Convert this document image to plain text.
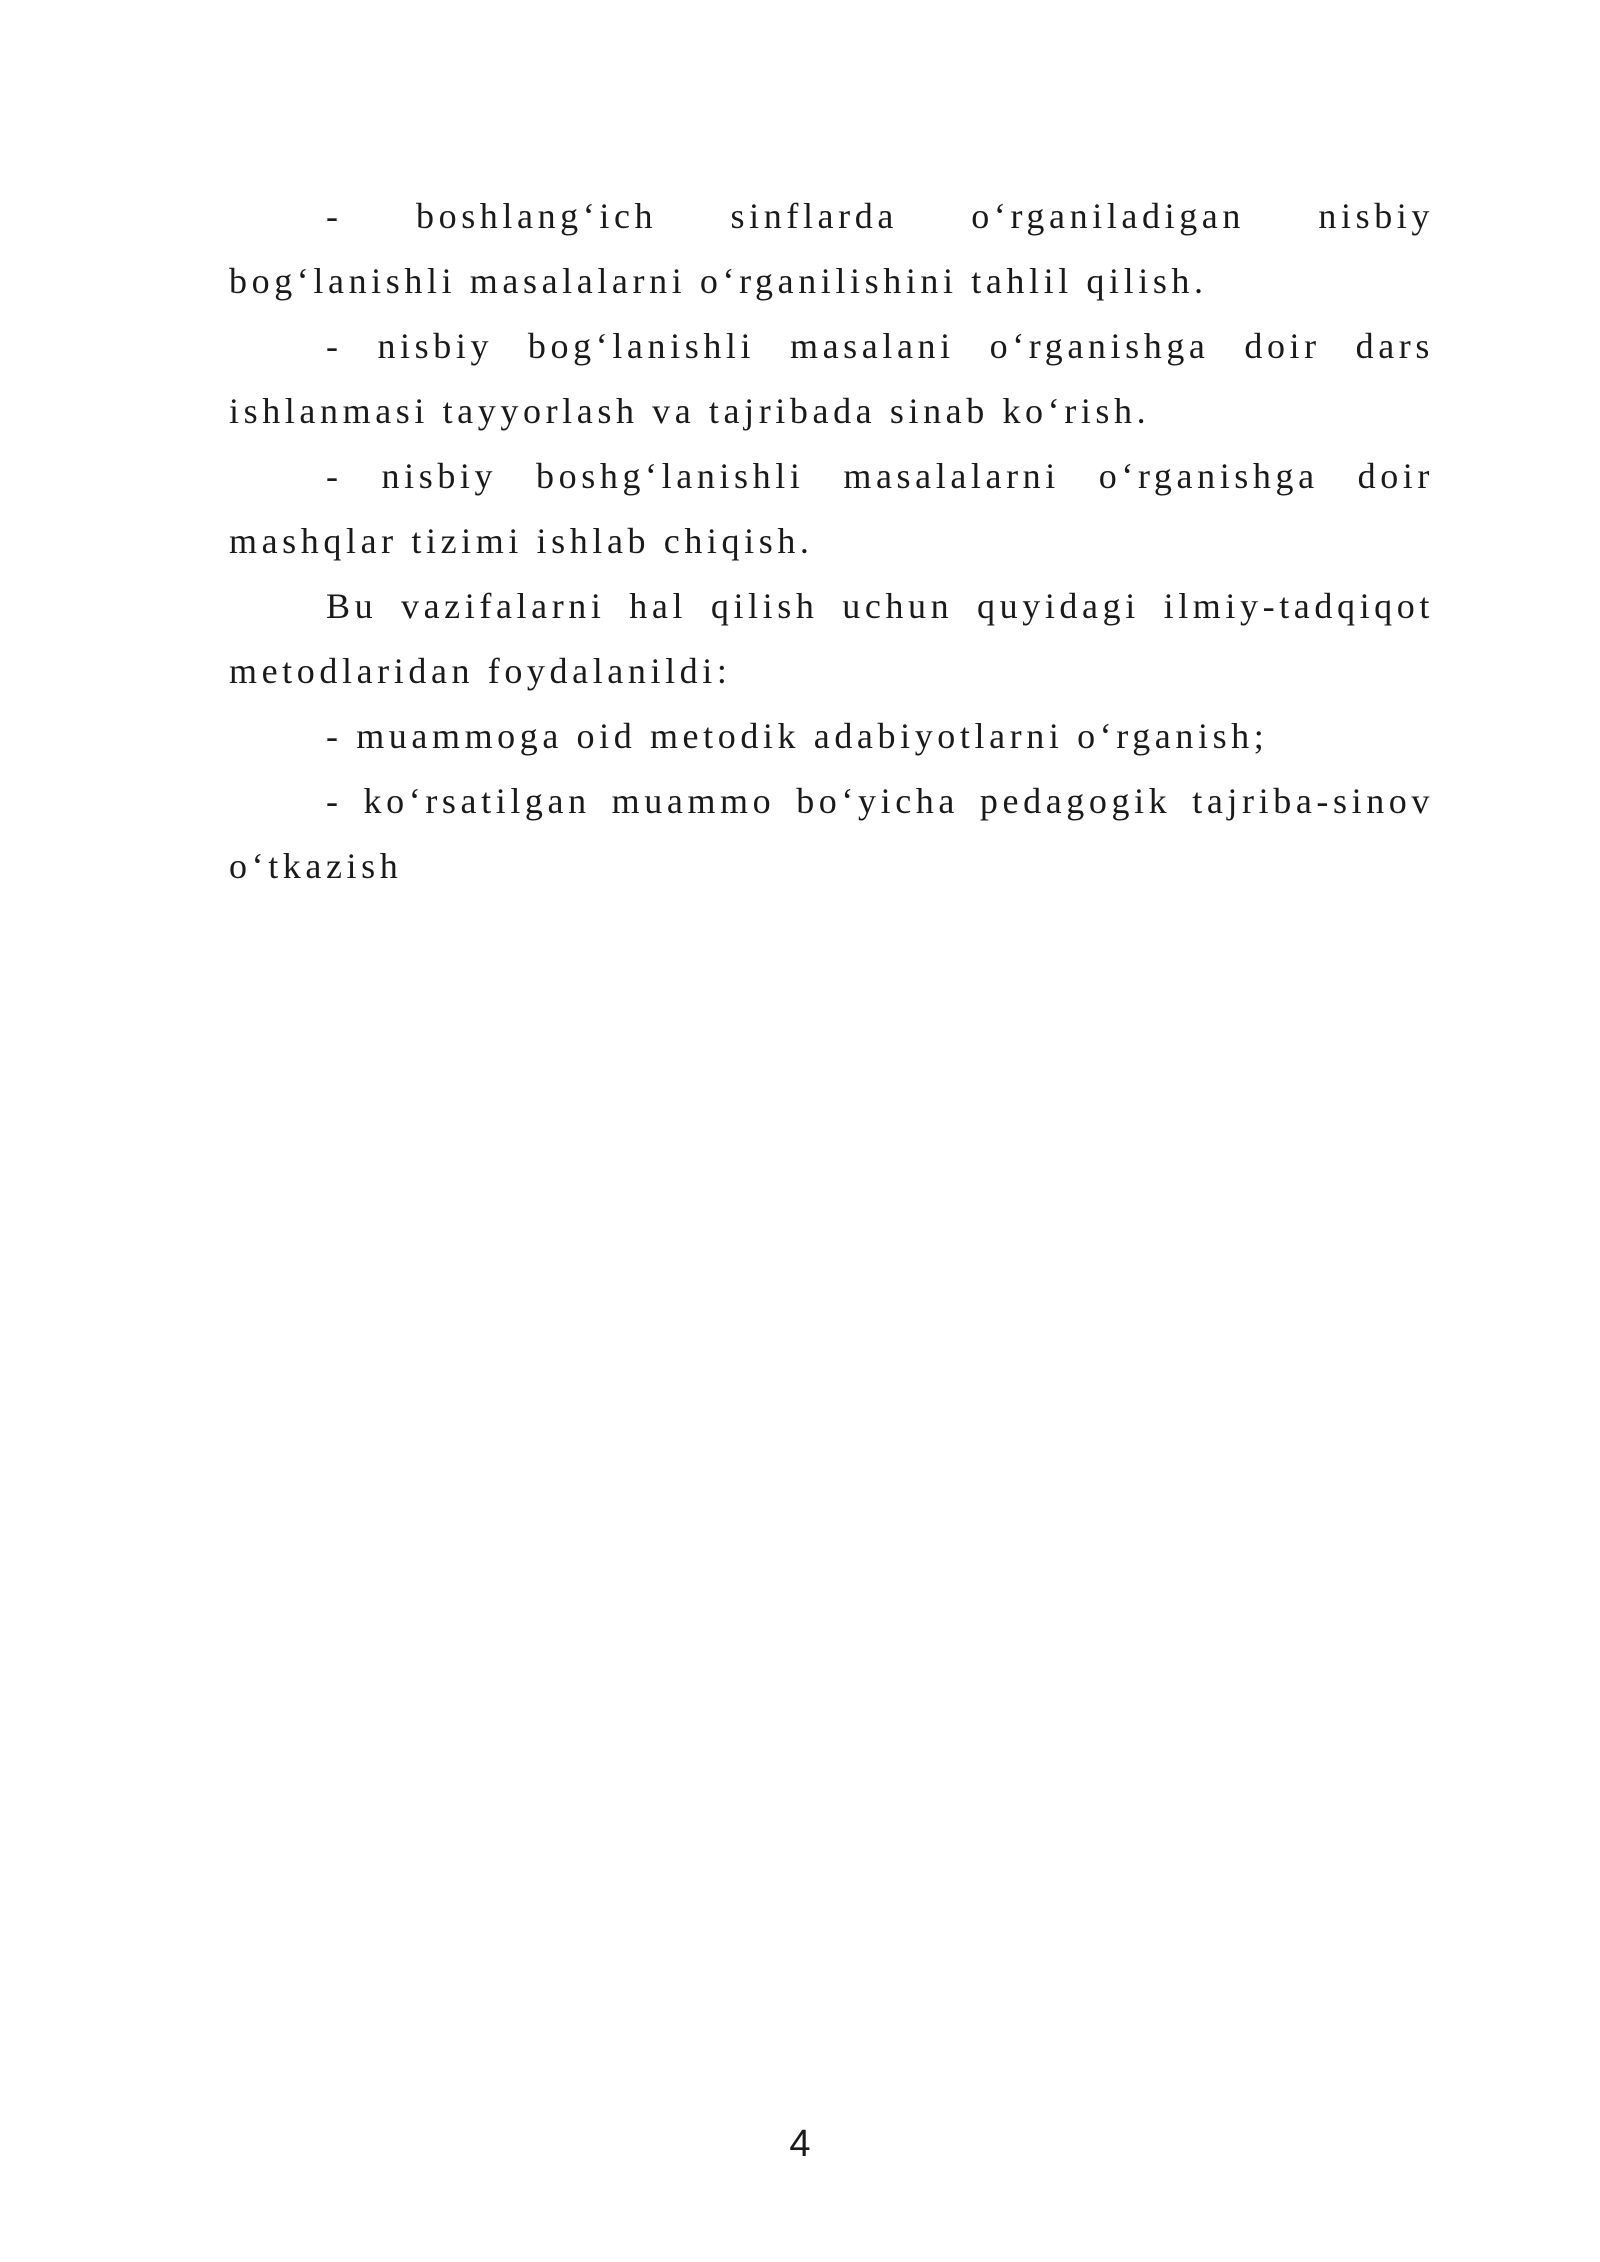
- boshlang‘ich sinflarda o‘rganiladigan nisbiy bog‘lanishli masalalarni o‘rganilishini tahlil qilish.

- nisbiy bog‘lanishli masalani o‘rganishga doir dars ishlanmasi tayyorlash va tajribada sinab ko‘rish.

- nisbiy boshg‘lanishli masalalarni o‘rganishga doir mashqlar tizimi ishlab chiqish.

Bu vazifalarni hal qilish uchun quyidagi ilmiy-tadqiqot metodlaridan foydalanildi:

- muammoga oid metodik adabiyotlarni o‘rganish;

- ko‘rsatilgan muammo bo‘yicha pedagogik tajriba-sinov o‘tkazish

4
